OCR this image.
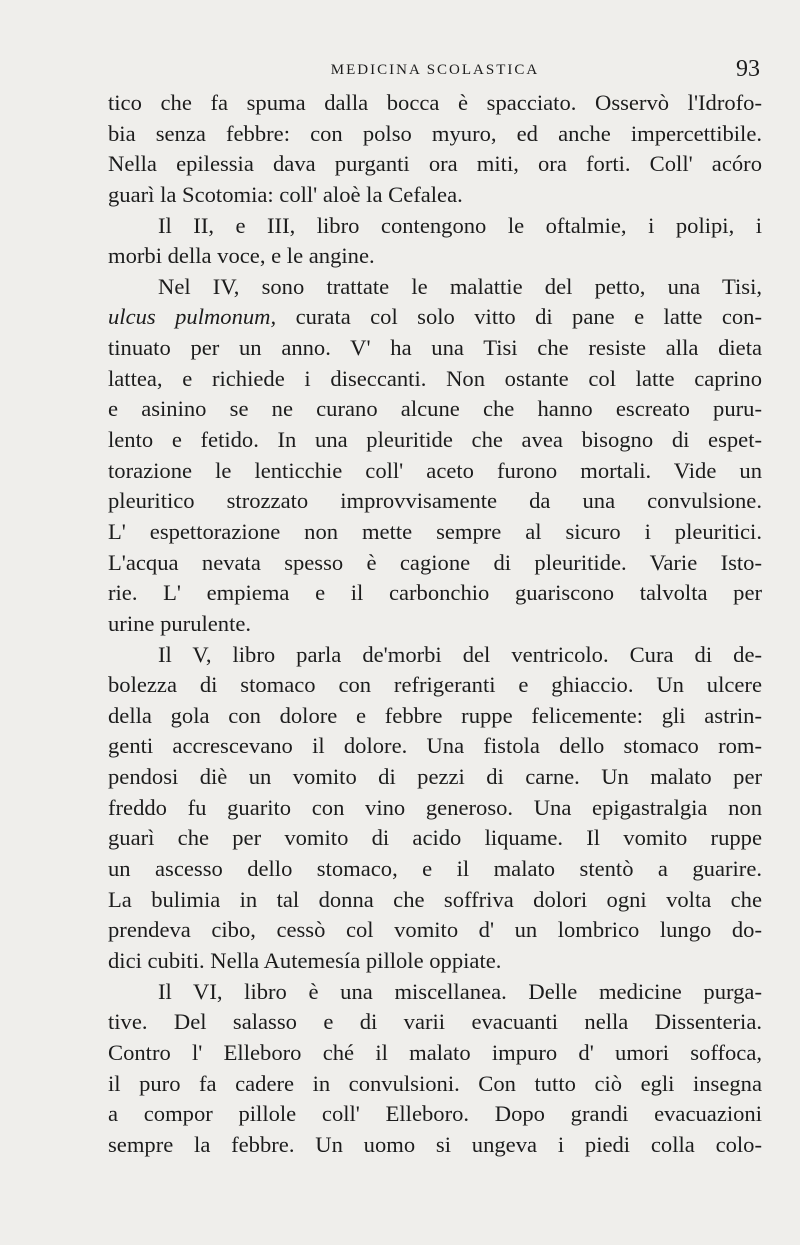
MEDICINA SCOLASTICA	93
tico che fa spuma dalla bocca è spacciato. Osservò l'Idrofo-
bia senza febbre: con polso myuro, ed anche impercettibile.
Nella epilessia dava purganti ora miti, ora forti. Coll' acóro
guarì la Scotomia: coll' aloè la Cefalea.
Il II, e III, libro contengono le oftalmie, i polipi, i
morbi della voce, e le angine.
Nel IV, sono trattate le malattie del petto, una Tisi,
ulcus pulmonum, curata col solo vitto di pane e latte con-
tinuato per un anno. V' ha una Tisi che resiste alla dieta
lattea, e richiede i diseccanti. Non ostante col latte caprino
e asinino se ne curano alcune che hanno escreato puru-
lento e fetido. In una pleuritide che avea bisogno di espet-
torazione le lenticchie coll' aceto furono mortali. Vide un
pleuritico strozzato improvvisamente da una convulsione.
L' espettorazione non mette sempre al sicuro i pleuritici.
L'acqua nevata spesso è cagione di pleuritide. Varie Isto-
rie. L' empiema e il carbonchio guariscono talvolta per
urine purulente.
Il V, libro parla de'morbi del ventricolo. Cura di de-
bolezza di stomaco con refrigeranti e ghiaccio. Un ulcere
della gola con dolore e febbre ruppe felicemente: gli astrin-
genti accrescevano il dolore. Una fistola dello stomaco rom-
pendosi diè un vomito di pezzi di carne. Un malato per
freddo fu guarito con vino generoso. Una epigastralgia non
guarì che per vomito di acido liquame. Il vomito ruppe
un ascesso dello stomaco, e il malato stentò a guarire.
La bulimia in tal donna che soffriva dolori ogni volta che
prendeva cibo, cessò col vomito d' un lombrico lungo do-
dici cubiti. Nella Autemesía pillole oppiate.
Il VI, libro è una miscellanea. Delle medicine purga-
tive. Del salasso e di varii evacuanti nella Dissenteria.
Contro l' Elleboro ché il malato impuro d' umori soffoca,
il puro fa cadere in convulsioni. Con tutto ciò egli insegna
a compor pillole coll' Elleboro. Dopo grandi evacuazioni
sempre la febbre. Un uomo si ungeva i piedi colla colo-
